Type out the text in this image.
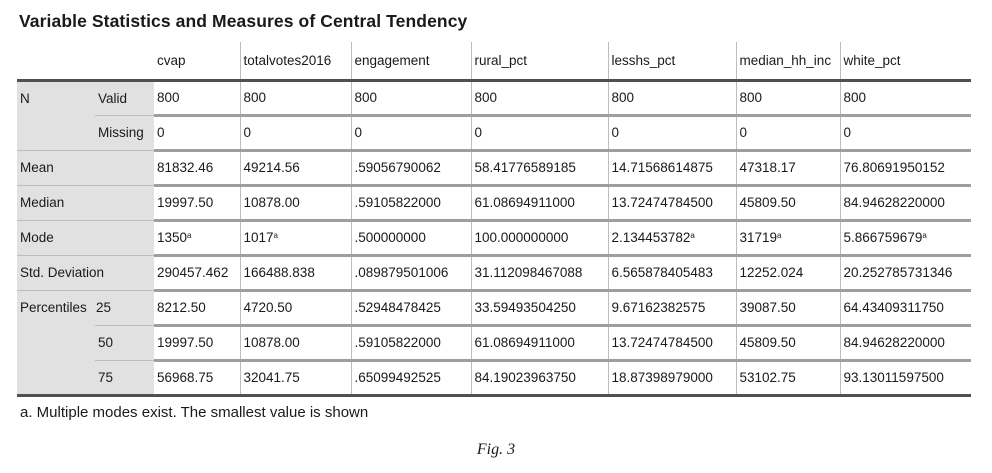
Variable Statistics and Measures of Central Tendency
		cvap	totalvotes2016	engagement	rural_pct	lesshs_pct	median_hh_inc	white_pct
N	Valid	800	800	800	800	800	800	800
	Missing	0	0	0	0	0	0	0
Mean		81832.46	49214.56	.59056790062	58.41776589185	14.71568614875	47318.17	76.80691950152
Median		19997.50	10878.00	.59105822000	61.08694911000	13.72474784500	45809.50	84.94628220000
Mode		1350$^a$	1017$^a$	.500000000	100.000000000	2.134453782$^a$	31719$^a$	5.866759679$^a$
Std. Deviation		290457.462	166488.838	.089879501006	31.112098467088	6.565878405483	12252.024	20.252785731346
Percentiles	25	8212.50	4720.50	.52948478425	33.59493504250	9.67162382575	39087.50	64.43409311750
	50	19997.50	10878.00	.59105822000	61.08694911000	13.72474784500	45809.50	84.94628220000
	75	56968.75	32041.75	.65099492525	84.19023963750	18.87398979000	53102.75	93.13011597500
a. Multiple modes exist. The smallest value is shown
Fig. 3
